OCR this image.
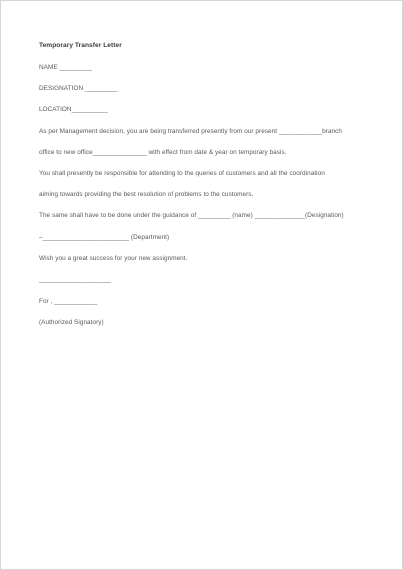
Temporary Transfer Letter
NAME _________
DESIGNATION _________
LOCATION__________
As per Management decision, you are being transferred presently from our present ____________branch
office to new office_______________ with effect from date & year on temporary basis.
You shall presently be responsible for attending to the queries of customers and all the coordination
aiming towards providing the best resolution of problems to the customers.
The same shall have to be done under the guidance of _________ (name) ______________(Designation)
–________________________ (Department)
Wish you a great success for your new assignment.
____________________
For , ____________
(Authorized Signatory)
